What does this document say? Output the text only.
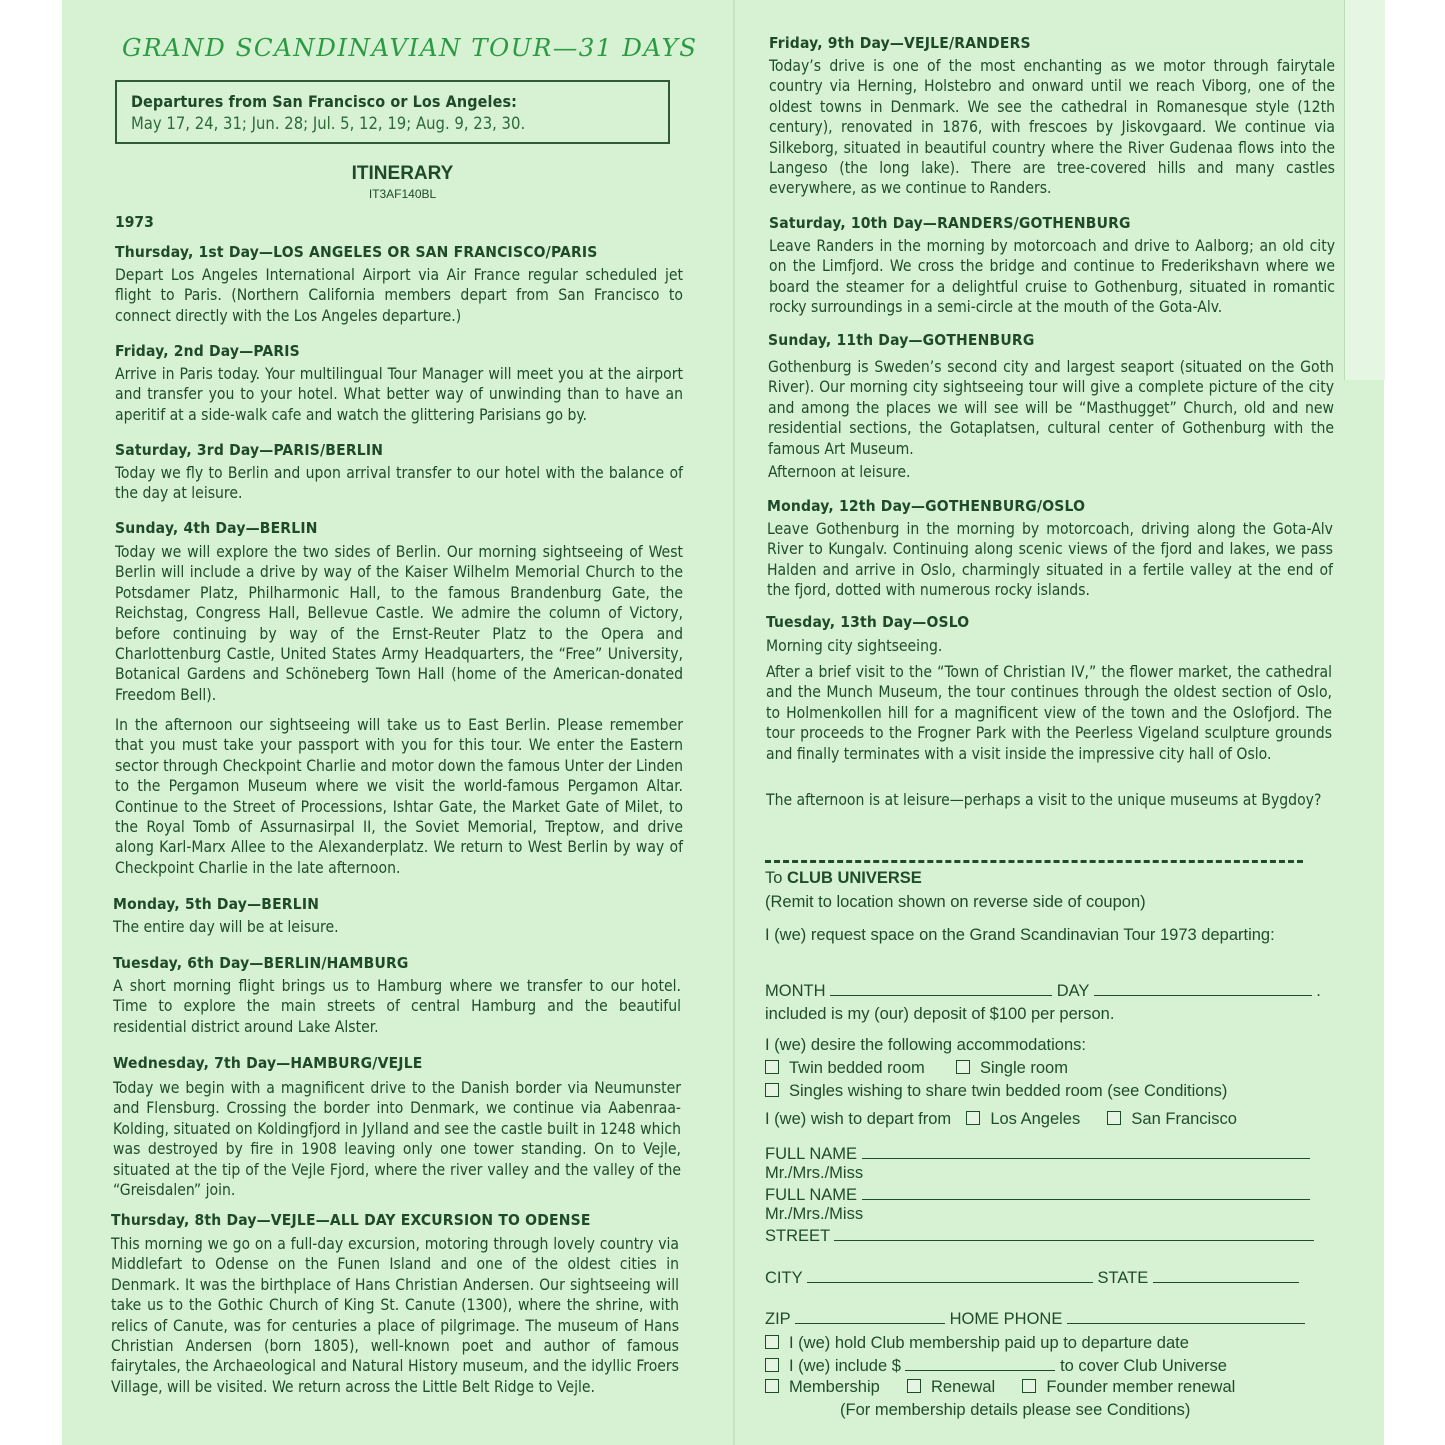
GRAND SCANDINAVIAN TOUR—31 DAYS
Departures from San Francisco or Los Angeles:
May 17, 24, 31; Jun. 28; Jul. 5, 12, 19; Aug. 9, 23, 30.
ITINERARY
IT3AF140BL
1973
Thursday, 1st Day—LOS ANGELES OR SAN FRANCISCO/PARIS
Depart Los Angeles International Airport via Air France regular scheduled jet flight to Paris. (Northern California members depart from San Francisco to connect directly with the Los Angeles departure.)
Friday, 2nd Day—PARIS
Arrive in Paris today. Your multilingual Tour Manager will meet you at the airport and transfer you to your hotel. What better way of unwinding than to have an aperitif at a side-walk cafe and watch the glittering Parisians go by.
Saturday, 3rd Day—PARIS/BERLIN
Today we fly to Berlin and upon arrival transfer to our hotel with the balance of the day at leisure.
Sunday, 4th Day—BERLIN
Today we will explore the two sides of Berlin. Our morning sightseeing of West Berlin will include a drive by way of the Kaiser Wilhelm Memorial Church to the Potsdamer Platz, Philharmonic Hall, to the famous Brandenburg Gate, the Reichstag, Congress Hall, Bellevue Castle. We admire the column of Victory, before continuing by way of the Ernst-Reuter Platz to the Opera and Charlottenburg Castle, United States Army Headquarters, the “Free” University, Botanical Gardens and Schöneberg Town Hall (home of the American-donated Freedom Bell).
In the afternoon our sightseeing will take us to East Berlin. Please remember that you must take your passport with you for this tour. We enter the Eastern sector through Checkpoint Charlie and motor down the famous Unter der Linden to the Pergamon Museum where we visit the world-famous Pergamon Altar. Continue to the Street of Processions, Ishtar Gate, the Market Gate of Milet, to the Royal Tomb of Assurnasirpal II, the Soviet Memorial, Treptow, and drive along Karl-Marx Allee to the Alexanderplatz. We return to West Berlin by way of Checkpoint Charlie in the late afternoon.
Monday, 5th Day—BERLIN
The entire day will be at leisure.
Tuesday, 6th Day—BERLIN/HAMBURG
A short morning flight brings us to Hamburg where we transfer to our hotel. Time to explore the main streets of central Hamburg and the beautiful residential district around Lake Alster.
Wednesday, 7th Day—HAMBURG/VEJLE
Today we begin with a magnificent drive to the Danish border via Neumunster and Flensburg. Crossing the border into Denmark, we continue via Aabenraa-Kolding, situated on Koldingfjord in Jylland and see the castle built in 1248 which was destroyed by fire in 1908 leaving only one tower standing. On to Vejle, situated at the tip of the Vejle Fjord, where the river valley and the valley of the “Greisdalen” join.
Thursday, 8th Day—VEJLE—ALL DAY EXCURSION TO ODENSE
This morning we go on a full-day excursion, motoring through lovely country via Middlefart to Odense on the Funen Island and one of the oldest cities in Denmark. It was the birthplace of Hans Christian Andersen. Our sightseeing will take us to the Gothic Church of King St. Canute (1300), where the shrine, with relics of Canute, was for centuries a place of pilgrimage. The museum of Hans Christian Andersen (born 1805), well-known poet and author of famous fairytales, the Archaeological and Natural History museum, and the idyllic Froers Village, will be visited. We return across the Little Belt Ridge to Vejle.
Friday, 9th Day—VEJLE/RANDERS
Today’s drive is one of the most enchanting as we motor through fairytale country via Herning, Holstebro and onward until we reach Viborg, one of the oldest towns in Denmark. We see the cathedral in Romanesque style (12th century), renovated in 1876, with frescoes by Jiskovgaard. We continue via Silkeborg, situated in beautiful country where the River Gudenaa flows into the Langeso (the long lake). There are tree-covered hills and many castles everywhere, as we continue to Randers.
Saturday, 10th Day—RANDERS/GOTHENBURG
Leave Randers in the morning by motorcoach and drive to Aalborg; an old city on the Limfjord. We cross the bridge and continue to Frederikshavn where we board the steamer for a delightful cruise to Gothenburg, situated in romantic rocky surroundings in a semi-circle at the mouth of the Gota-Alv.
Sunday, 11th Day—GOTHENBURG
Gothenburg is Sweden’s second city and largest seaport (situated on the Goth River). Our morning city sightseeing tour will give a complete picture of the city and among the places we will see will be “Masthugget” Church, old and new residential sections, the Gotaplatsen, cultural center of Gothenburg with the famous Art Museum.
Afternoon at leisure.
Monday, 12th Day—GOTHENBURG/OSLO
Leave Gothenburg in the morning by motorcoach, driving along the Gota-Alv River to Kungalv. Continuing along scenic views of the fjord and lakes, we pass Halden and arrive in Oslo, charmingly situated in a fertile valley at the end of the fjord, dotted with numerous rocky islands.
Tuesday, 13th Day—OSLO
Morning city sightseeing.
After a brief visit to the “Town of Christian IV,” the flower market, the cathedral and the Munch Museum, the tour continues through the oldest section of Oslo, to Holmenkollen hill for a magnificent view of the town and the Oslofjord. The tour proceeds to the Frogner Park with the Peerless Vigeland sculpture grounds and finally terminates with a visit inside the impressive city hall of Oslo.
The afternoon is at leisure—perhaps a visit to the unique museums at Bygdoy?
To CLUB UNIVERSE
(Remit to location shown on reverse side of coupon)
I (we) request space on the Grand Scandinavian Tour 1973 departing:
MONTH	DAY	.
included is my (our) deposit of $100 per person.
I (we) desire the following accommodations:
Twin bedded room	Single room
Singles wishing to share twin bedded room (see Conditions)
I (we) wish to depart from Los Angeles	San Francisco
FULL NAME
Mr./Mrs./Miss
FULL NAME
Mr./Mrs./Miss
STREET
CITY	STATE
ZIP	HOME PHONE
I (we) hold Club membership paid up to departure date
I (we) include $	to cover Club Universe
Membership	Renewal	Founder member renewal
(For membership details please see Conditions)
